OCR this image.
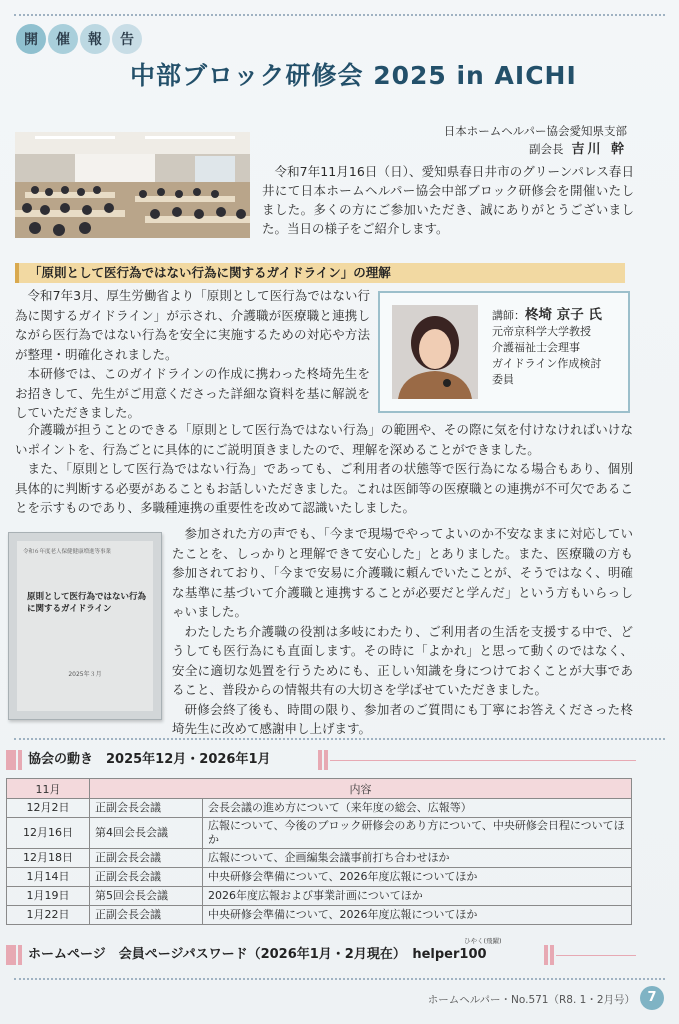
開	催	報	告
中部ブロック研修会 2025 in AICHI
日本ホームヘルパー協会愛知県支部
副会長 吉川 幹
令和7年11月16日（日）、愛知県春日井市のグリーンパレス春日井にて日本ホームヘルパー協会中部ブロック研修会を開催いたしました。多くの方にご参加いただき、誠にありがとうございました。当日の様子をご紹介します。
「原則として医行為ではない行為に関するガイドライン」の理解

令和7年3月、厚生労働省より「原則として医行為ではない行為に関するガイドライン」が示され、介護職が医療職と連携しながら医行為ではない行為を安全に実施するための対応や方法が整理・明確化されました。

本研修では、このガイドラインの作成に携わった柊埼先生をお招きして、先生がご用意くださった詳細な資料を基に解説をしていただきました。

講師：柊埼 京子 氏
元帝京科学大学教授
介護福祉士会理事
ガイドライン作成検討
委員

介護職が担うことのできる「原則として医行為ではない行為」の範囲や、その際に気を付けなければいけないポイントを、行為ごとに具体的にご説明頂きましたので、理解を深めることができました。

また、「原則として医行為ではない行為」であっても、ご利用者の状態等で医行為になる場合もあり、個別具体的に判断する必要があることもお話しいただきました。これは医師等の医療職との連携が不可欠であることを示すものであり、多職種連携の重要性を改めて認識いたしました。

令和６年度老人保健健康増進等事業
原則として医行為ではない行為に関するガイドライン
2025年３月

参加された方の声でも、「今まで現場でやってよいのか不安なままに対応していたことを、しっかりと理解できて安心した」とありました。また、医療職の方も参加されており、「今まで安易に介護職に頼んでいたことが、そうではなく、明確な基準に基づいて介護職と連携することが必要だと学んだ」という方もいらっしゃいました。

わたしたち介護職の役割は多岐にわたり、ご利用者の生活を支援する中で、どうしても医行為にも直面します。その時に「よかれ」と思って動くのではなく、安全に適切な処置を行うためにも、正しい知識を身につけておくことが大事であること、普段からの情報共有の大切さを学ばせていただきました。

研修会終了後も、時間の限り、参加者のご質問にも丁寧にお答えくださった柊埼先生に改めて感謝申し上げます。

協会の動き　2025年12月・2026年1月
11月	内容	
12月2日	正副会長会議	会長会議の進め方について（来年度の総会、広報等）
12月16日	第4回会長会議	広報について、今後のブロック研修会のあり方について、中央研修会日程についてほか
12月18日	正副会長会議	広報について、企画編集会議事前打ち合わせほか
1月14日	正副会長会議	中央研修会準備について、2026年度広報についてほか
1月19日	第5回会長会議	2026年度広報および事業計画についてほか
1月22日	正副会長会議	中央研修会準備について、2026年度広報についてほか
ひやく(飛躍)
ホームページ　会員ページパスワード（2026年1月・2月現在）　helper100
ホームヘルパー・No.571（R8. 1・2月号） 7
